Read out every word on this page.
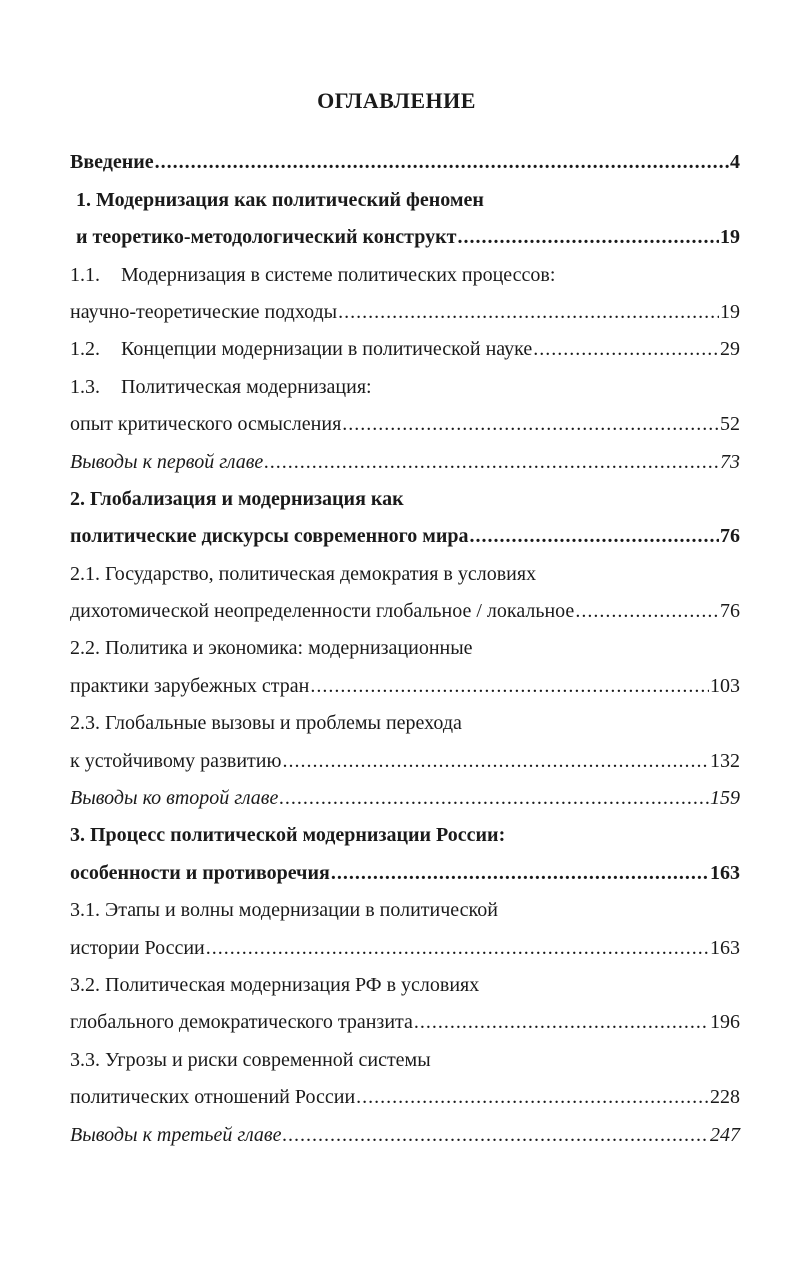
ОГЛАВЛЕНИЕ
Введение .....	4
1. Модернизация как политический феномен
и теоретико-методологический конструкт .....	19
1.1. Модернизация в системе политических процессов:
научно-теоретические подходы .....	19
1.2. Концепции модернизации в политической науке .....	29
1.3. Политическая модернизация:
опыт критического осмысления .....	52
Выводы к первой главе .....	73
2. Глобализация и модернизация как
политические дискурсы современного мира .....	76
2.1. Государство, политическая демократия в условиях
дихотомической неопределенности глобальное / локальное .....	76
2.2. Политика и экономика: модернизационные
практики зарубежных стран .....	103
2.3. Глобальные вызовы и проблемы перехода
к устойчивому развитию .....	132
Выводы ко второй главе .....	159
3. Процесс политической модернизации России:
особенности и противоречия .....	163
3.1. Этапы и волны модернизации в политической
истории России .....	163
3.2. Политическая модернизация РФ в условиях
глобального демократического транзита .....	196
3.3. Угрозы и риски современной системы
политических отношений России .....	228
Выводы к третьей главе .....	247
